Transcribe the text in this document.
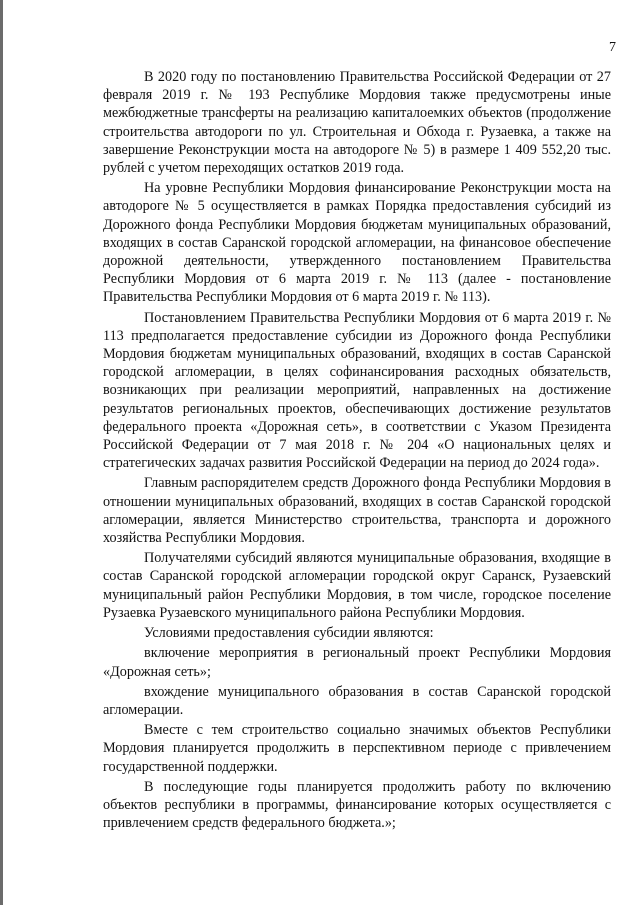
7

В 2020 году по постановлению Правительства Российской Федерации от 27 февраля 2019 г. № 193 Республике Мордовия также предусмотрены иные межбюджетные трансферты на реализацию капиталоемких объектов (продолжение строительства автодороги по ул. Строительная и Обхода г. Рузаевка, а также на завершение Реконструкции моста на автодороге № 5) в размере 1 409 552,20 тыс. рублей с учетом переходящих остатков 2019 года.

На уровне Республики Мордовия финансирование Реконструкции моста на автодороге № 5 осуществляется в рамках Порядка предоставления субсидий из Дорожного фонда Республики Мордовия бюджетам муниципальных образований, входящих в состав Саранской городской агломерации, на финансовое обеспечение дорожной деятельности, утвержденного постановлением Правительства Республики Мордовия от 6 марта 2019 г. № 113 (далее - постановление Правительства Республики Мордовия от 6 марта 2019 г. № 113).

Постановлением Правительства Республики Мордовия от 6 марта 2019 г. № 113 предполагается предоставление субсидии из Дорожного фонда Республики Мордовия бюджетам муниципальных образований, входящих в состав Саранской городской агломерации, в целях софинансирования расходных обязательств, возникающих при реализации мероприятий, направленных на достижение результатов региональных проектов, обеспечивающих достижение результатов федерального проекта «Дорожная сеть», в соответствии с Указом Президента Российской Федерации от 7 мая 2018 г. № 204 «О национальных целях и стратегических задачах развития Российской Федерации на период до 2024 года».

Главным распорядителем средств Дорожного фонда Республики Мордовия в отношении муниципальных образований, входящих в состав Саранской городской агломерации, является Министерство строительства, транспорта и дорожного хозяйства Республики Мордовия.

Получателями субсидий являются муниципальные образования, входящие в состав Саранской городской агломерации городской округ Саранск, Рузаевский муниципальный район Республики Мордовия, в том числе, городское поселение Рузаевка Рузаевского муниципального района Республики Мордовия.

Условиями предоставления субсидии являются:

включение мероприятия в региональный проект Республики Мордовия «Дорожная сеть»;

вхождение муниципального образования в состав Саранской городской агломерации.

Вместе с тем строительство социально значимых объектов Республики Мордовия планируется продолжить в перспективном периоде с привлечением государственной поддержки.

В последующие годы планируется продолжить работу по включению объектов республики в программы, финансирование которых осуществляется с привлечением средств федерального бюджета.»;
